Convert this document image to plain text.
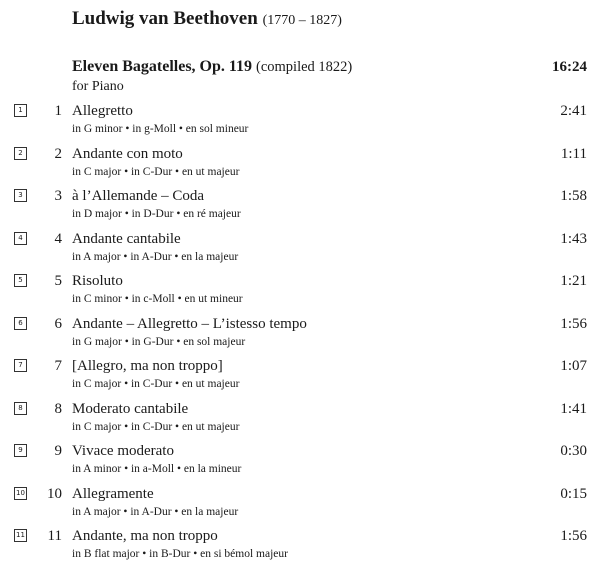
Ludwig van Beethoven (1770 – 1827)
Eleven Bagatelles, Op. 119 (compiled 1822)	16:24
for Piano
1 1 Allegretto
in G minor • in g-Moll • en sol mineur
2:41
2 2 Andante con moto
in C major • in C-Dur • en ut majeur
1:11
3 3 à l’Allemande – Coda
in D major • in D-Dur • en ré majeur
1:58
4 4 Andante cantabile
in A major • in A-Dur • en la majeur
1:43
5 5 Risoluto
in C minor • in c-Moll • en ut mineur
1:21
6 6 Andante – Allegretto – L’istesso tempo
in G major • in G-Dur • en sol majeur
1:56
7 7 [Allegro, ma non troppo]
in C major • in C-Dur • en ut majeur
1:07
8 8 Moderato cantabile
in C major • in C-Dur • en ut majeur
1:41
9 9 Vivace moderato
in A minor • in a-Moll • en la mineur
0:30
10 10 Allegramente
in A major • in A-Dur • en la majeur
0:15
11 11 Andante, ma non troppo
in B flat major • in B-Dur • en si bémol majeur
1:56
